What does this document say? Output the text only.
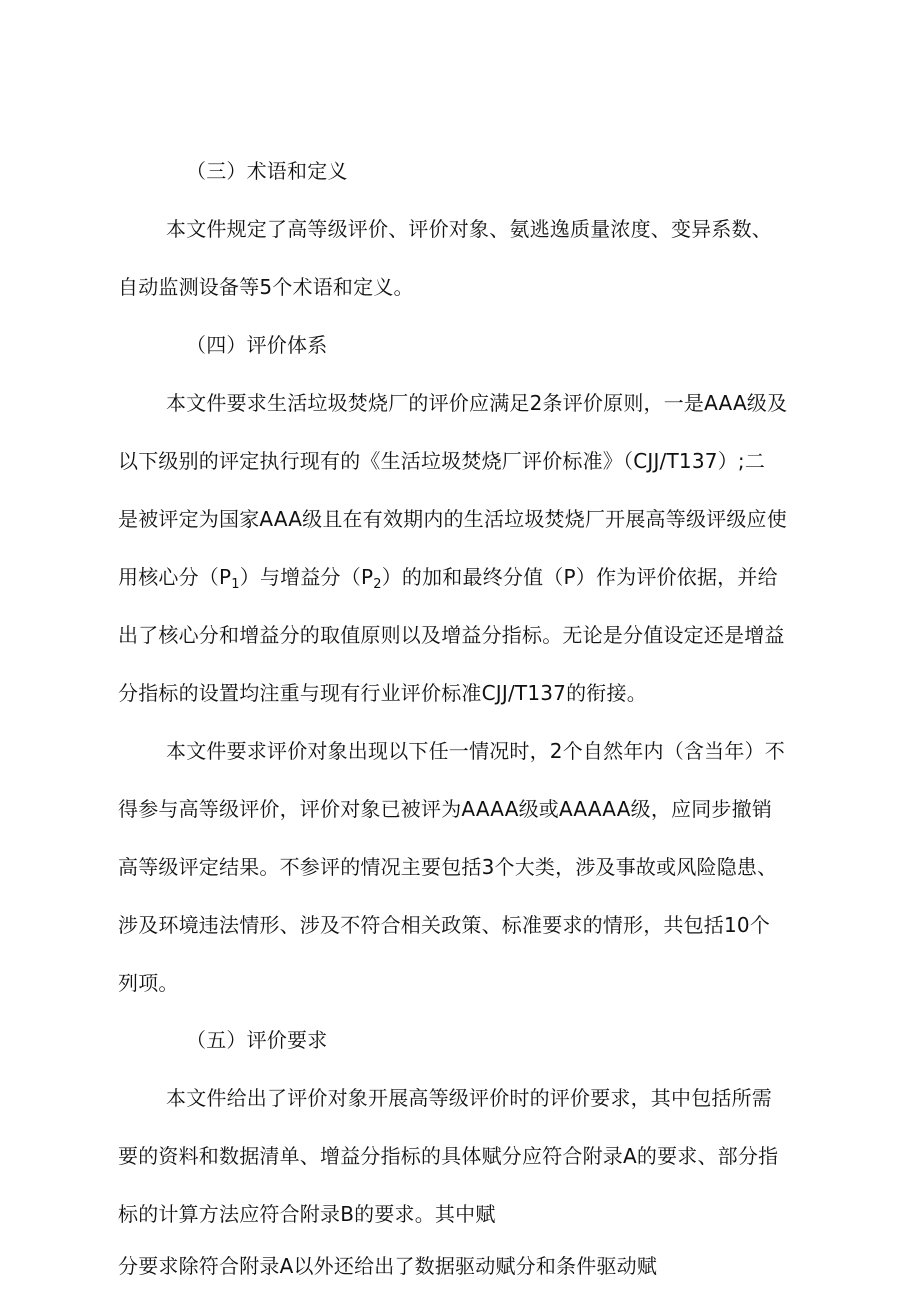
（三）术语和定义
本文件规定了高等级评价、评价对象、氨逃逸质量浓度、变异系数、
自动监测设备等5个术语和定义。
（四）评价体系
本文件要求生活垃圾焚烧厂的评价应满足2条评价原则，一是AAA级及
以下级别的评定执行现有的《生活垃圾焚烧厂评价标准》（CJJ/T137）;二
是被评定为国家AAA级且在有效期内的生活垃圾焚烧厂开展高等级评级应使
用核心分$(P_1)$与增益分$(P_2)$的加和最终分值（P）作为评价依据，并给
出了核心分和增益分的取值原则以及增益分指标。无论是分值设定还是增益
分指标的设置均注重与现有行业评价标准CJJ/T137的衔接。
本文件要求评价对象出现以下任一情况时，2个自然年内（含当年）不
得参与高等级评价，评价对象已被评为AAAA级或AAAAA级，应同步撤销
高等级评定结果。不参评的情况主要包括3个大类，涉及事故或风险隐患、
涉及环境违法情形、涉及不符合相关政策、标准要求的情形，共包括10个
列项。
（五）评价要求
本文件给出了评价对象开展高等级评价时的评价要求，其中包括所需
要的资料和数据清单、增益分指标的具体赋分应符合附录A的要求、部分指
标的计算方法应符合附录B的要求。其中赋
分要求除符合附录A以外还给出了数据驱动赋分和条件驱动赋
